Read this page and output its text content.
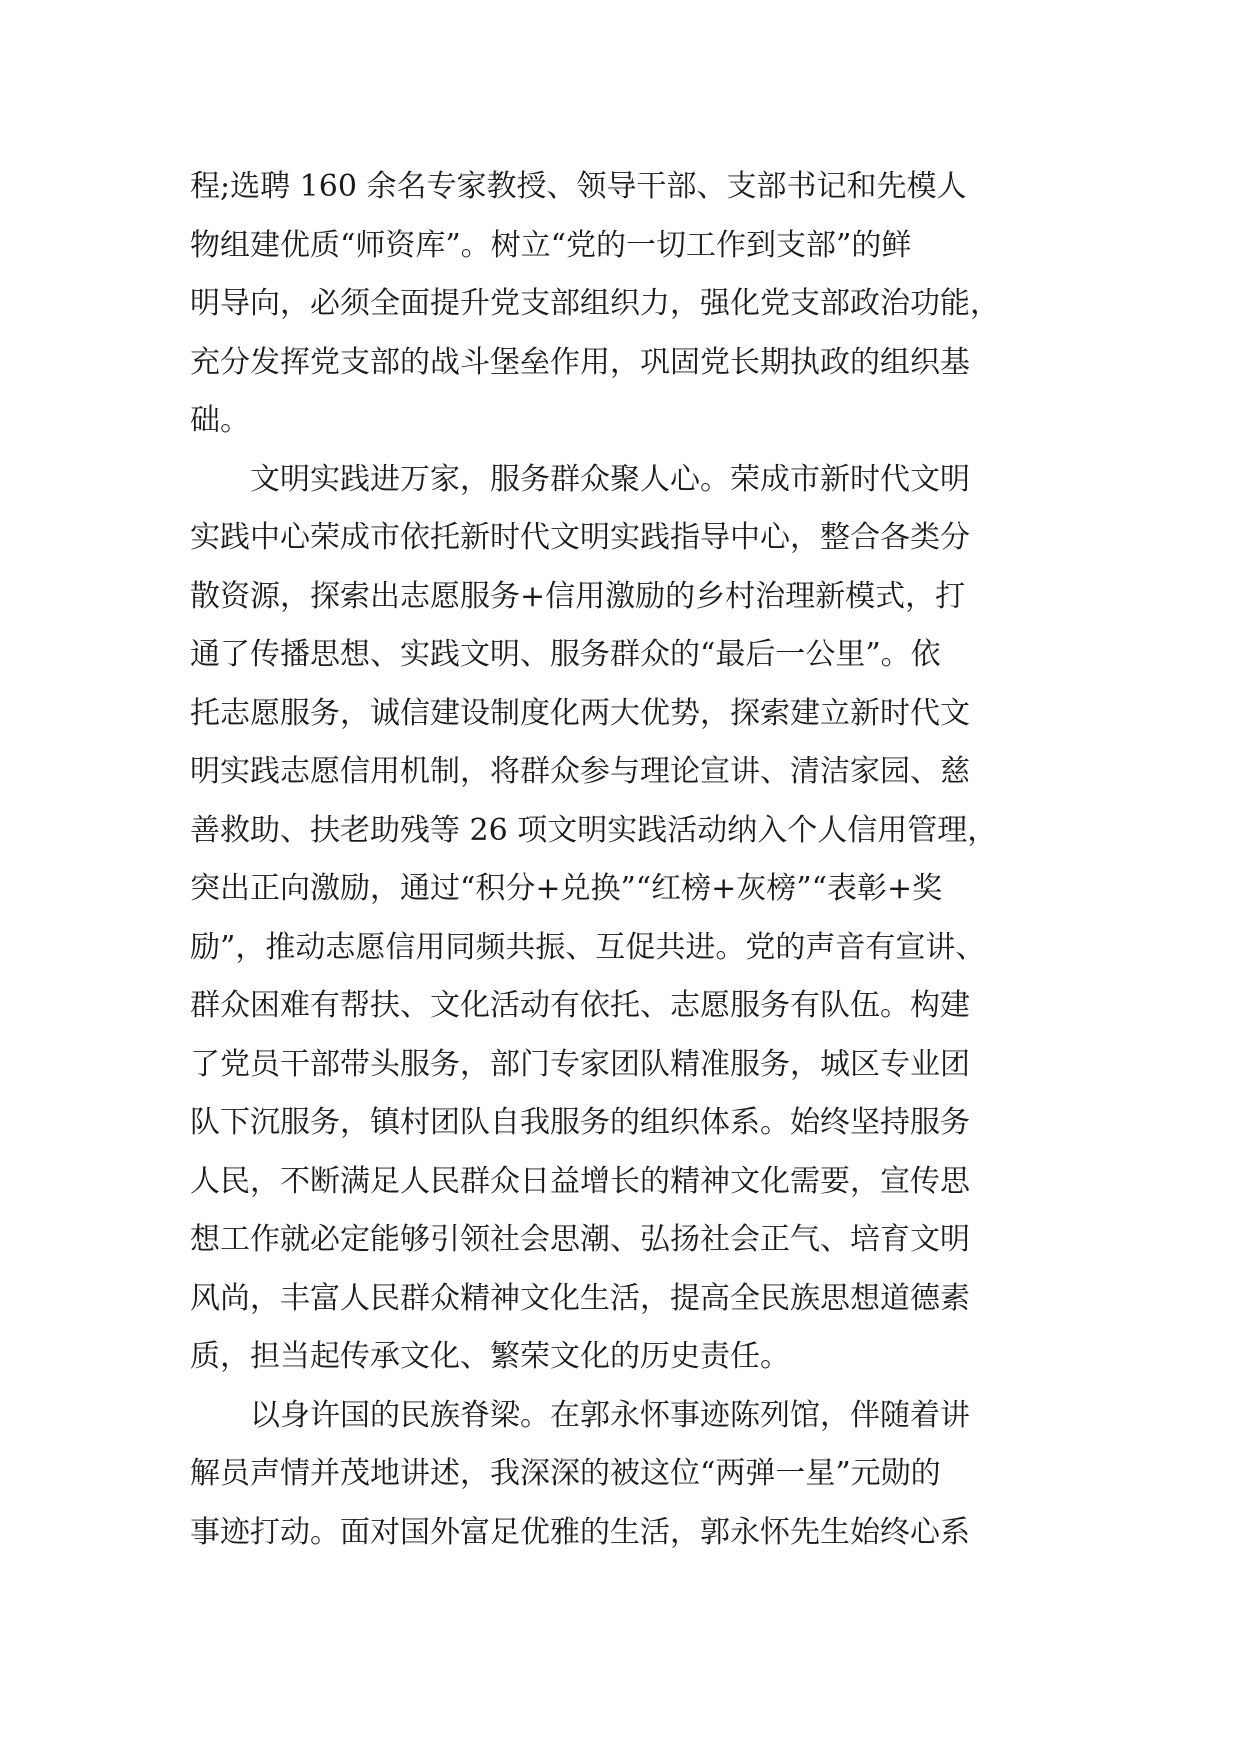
程;选聘 160 余名专家教授、领导干部、支部书记和先模人
物组建优质“师资库”。树立“党的一切工作到支部”的鲜
明导向，必须全面提升党支部组织力，强化党支部政治功能，
充分发挥党支部的战斗堡垒作用，巩固党长期执政的组织基
础。
　　文明实践进万家，服务群众聚人心。荣成市新时代文明
实践中心荣成市依托新时代文明实践指导中心，整合各类分
散资源，探索出志愿服务+信用激励的乡村治理新模式，打
通了传播思想、实践文明、服务群众的“最后一公里”。依
托志愿服务，诚信建设制度化两大优势，探索建立新时代文
明实践志愿信用机制，将群众参与理论宣讲、清洁家园、慈
善救助、扶老助残等 26 项文明实践活动纳入个人信用管理，
突出正向激励，通过“积分+兑换”“红榜+灰榜”“表彰+奖
励”，推动志愿信用同频共振、互促共进。党的声音有宣讲、
群众困难有帮扶、文化活动有依托、志愿服务有队伍。构建
了党员干部带头服务，部门专家团队精准服务，城区专业团
队下沉服务，镇村团队自我服务的组织体系。始终坚持服务
人民，不断满足人民群众日益增长的精神文化需要，宣传思
想工作就必定能够引领社会思潮、弘扬社会正气、培育文明
风尚，丰富人民群众精神文化生活，提高全民族思想道德素
质，担当起传承文化、繁荣文化的历史责任。
　　以身许国的民族脊梁。在郭永怀事迹陈列馆，伴随着讲
解员声情并茂地讲述，我深深的被这位“两弹一星”元勋的
事迹打动。面对国外富足优雅的生活，郭永怀先生始终心系
